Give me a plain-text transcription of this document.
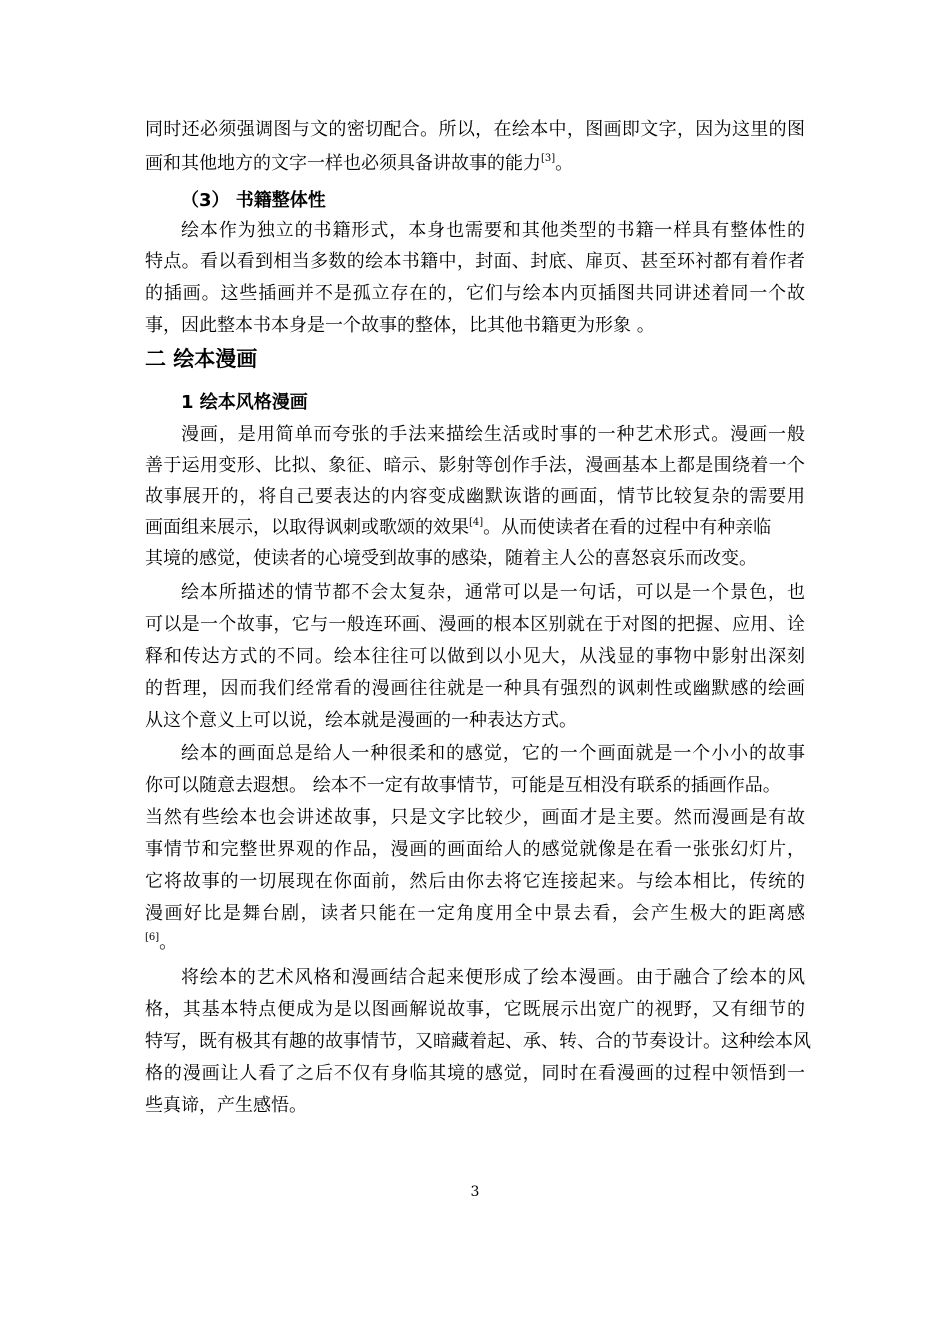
同时还必须强调图与文的密切配合。所以，在绘本中，图画即文字，因为这里的图
画和其他地方的文字一样也必须具备讲故事的能力[3]。
（3） 书籍整体性
绘本作为独立的书籍形式，本身也需要和其他类型的书籍一样具有整体性的
特点。看以看到相当多数的绘本书籍中，封面、封底、扉页、甚至环衬都有着作者
的插画。这些插画并不是孤立存在的，它们与绘本内页插图共同讲述着同一个故
事，因此整本书本身是一个故事的整体，比其他书籍更为形象 。
二 绘本漫画
1 绘本风格漫画
漫画，是用简单而夸张的手法来描绘生活或时事的一种艺术形式。漫画一般
善于运用变形、比拟、象征、暗示、影射等创作手法，漫画基本上都是围绕着一个
故事展开的，将自己要表达的内容变成幽默诙谐的画面，情节比较复杂的需要用
画面组来展示，以取得讽刺或歌颂的效果[4]。从而使读者在看的过程中有种亲临
其境的感觉，使读者的心境受到故事的感染，随着主人公的喜怒哀乐而改变。
绘本所描述的情节都不会太复杂，通常可以是一句话，可以是一个景色，也
可以是一个故事，它与一般连环画、漫画的根本区别就在于对图的把握、应用、诠
释和传达方式的不同。绘本往往可以做到以小见大，从浅显的事物中影射出深刻
的哲理，因而我们经常看的漫画往往就是一种具有强烈的讽刺性或幽默感的绘画
从这个意义上可以说，绘本就是漫画的一种表达方式。
绘本的画面总是给人一种很柔和的感觉，它的一个画面就是一个小小的故事
你可以随意去遐想。 绘本不一定有故事情节，可能是互相没有联系的插画作品。
当然有些绘本也会讲述故事，只是文字比较少，画面才是主要。然而漫画是有故
事情节和完整世界观的作品，漫画的画面给人的感觉就像是在看一张张幻灯片，
它将故事的一切展现在你面前，然后由你去将它连接起来。与绘本相比，传统的
漫画好比是舞台剧，读者只能在一定角度用全中景去看，会产生极大的距离感
[6]。
将绘本的艺术风格和漫画结合起来便形成了绘本漫画。由于融合了绘本的风
格，其基本特点便成为是以图画解说故事，它既展示出宽广的视野，又有细节的
特写，既有极其有趣的故事情节，又暗藏着起、承、转、合的节奏设计。这种绘本风
格的漫画让人看了之后不仅有身临其境的感觉，同时在看漫画的过程中领悟到一
些真谛，产生感悟。
3
